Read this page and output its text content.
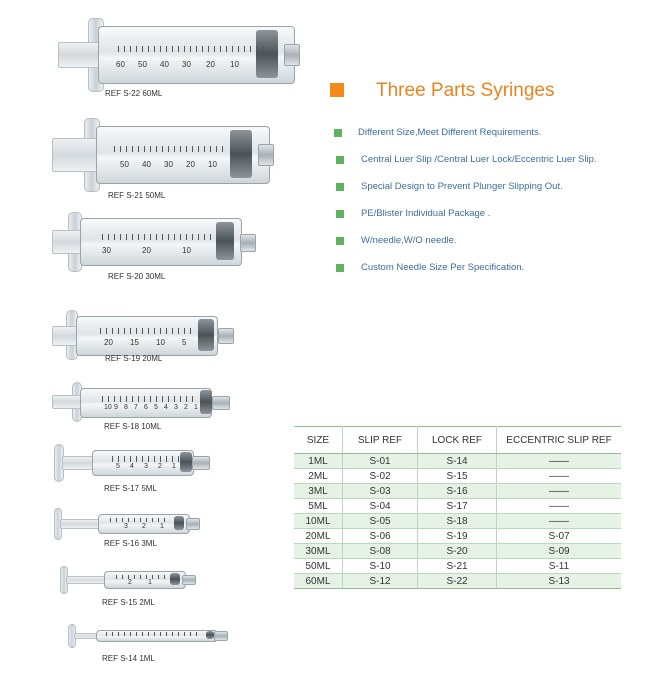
60 50 40 30 20 10
REF S-22 60ML
50 40 30 20 10
REF S-21 50ML
30	20	10
REF S-20 30ML
20 15 10 5
REF S-19 20ML
10 9 8 7 6 5 4 3 2 1
REF S-18 10ML
5 4 3 2 1
REF S-17 5ML
3 2 1
REF S-16 3ML
2 1
REF S-15 2ML
REF S-14 1ML
Three Parts Syringes
Different Size,Meet Different Requirements.
Central Luer Slip /Central Luer Lock/Eccentric Luer Slip.
Special Design to Prevent Plunger Slipping Out.
PE/Blister Individual Package .
W/needle,W/O needle.
Custom Needle Size Per Specification.
SIZE	SLIP REF	LOCK REF	ECCENTRIC SLIP REF
1ML	S-01	S-14	——
2ML	S-02	S-15	——
3ML	S-03	S-16	——
5ML	S-04	S-17	——
10ML	S-05	S-18	——
20ML	S-06	S-19	S-07
30ML	S-08	S-20	S-09
50ML	S-10	S-21	S-11
60ML	S-12	S-22	S-13
